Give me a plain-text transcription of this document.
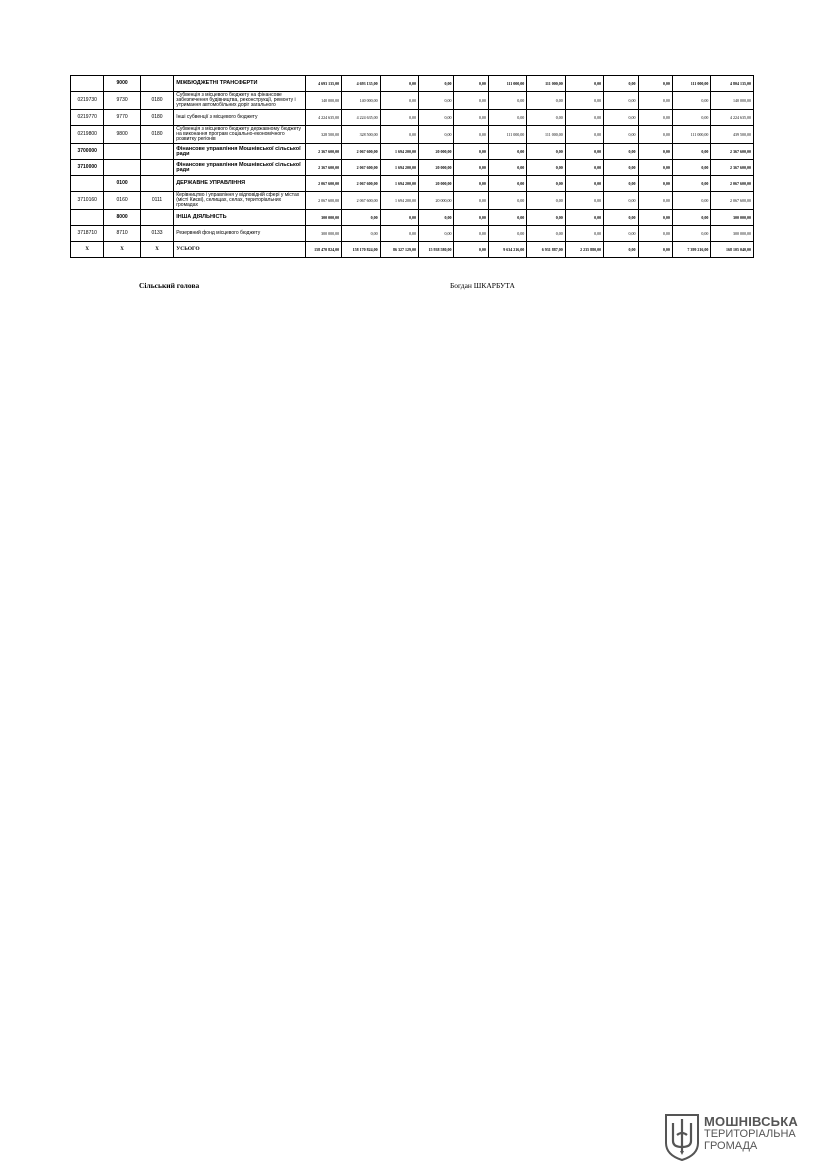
	9000		МІЖБЮДЖЕТНІ ТРАНСФЕРТИ	4 693 135,00	4 693 135,00	0,00	0,00	0,00	111 000,00	111 000,00	0,00	0,00	0,00	111 000,00	4 804 135,00
0219730	9730	0180	Субвенція з місцевого бюджету на фінансове забезпечення будівництва, реконструкції, ремонту і утримання автомобільних доріг загального	140 000,00	140 000,00	0,00	0,00	0,00	0,00	0,00	0,00	0,00	0,00	0,00	140 000,00
0219770	9770	0180	Інші субвенції з місцевого бюджету	4 224 635,00	4 224 635,00	0,00	0,00	0,00	0,00	0,00	0,00	0,00	0,00	0,00	4 224 635,00
0219800	9800	0180	Субвенція з місцевого бюджету державному бюджету на виконання програм соціально-економічного розвитку регіонів	328 500,00	328 500,00	0,00	0,00	0,00	111 000,00	111 000,00	0,00	0,00	0,00	111 000,00	439 500,00
3700000			Фінансове управління Мошнівської сільської ради	2 367 600,00	2 067 600,00	1 694 200,00	20 000,00	0,00	0,00	0,00	0,00	0,00	0,00	0,00	2 367 600,00
3710000			Фінансове управління Мошнівської сільської ради	2 367 600,00	2 067 600,00	1 694 200,00	20 000,00	0,00	0,00	0,00	0,00	0,00	0,00	0,00	2 367 600,00
	0100		ДЕРЖАВНЕ УПРАВЛІННЯ	2 067 600,00	2 067 600,00	1 694 200,00	20 000,00	0,00	0,00	0,00	0,00	0,00	0,00	0,00	2 067 600,00
3710160	0160	0111	Керівництво і управління у відповідній сфері у містах (місті Києві), селищах, селах, територіальних громадах	2 067 600,00	2 067 600,00	1 694 200,00	20 000,00	0,00	0,00	0,00	0,00	0,00	0,00	0,00	2 067 600,00
	8000		ІНША ДІЯЛЬНІСТЬ	300 000,00	0,00	0,00	0,00	0,00	0,00	0,00	0,00	0,00	0,00	0,00	300 000,00
3718710	8710	0133	Резервний фонд місцевого бюджету	300 000,00	0,00	0,00	0,00	0,00	0,00	0,00	0,00	0,00	0,00	0,00	300 000,00
X	X	X	УСЬОГО	158 470 824,00	158 170 824,00	86 327 129,00	15 938 580,00	0,00	9 634 216,00	6 931 887,00	2 235 880,00	0,00	0,00	7 399 216,00	168 105 040,00
Сільський голова	Богдан ШКАРБУТА
МОШНІВСЬКА
ТЕРИТОРІАЛЬНА
ГРОМАДА
